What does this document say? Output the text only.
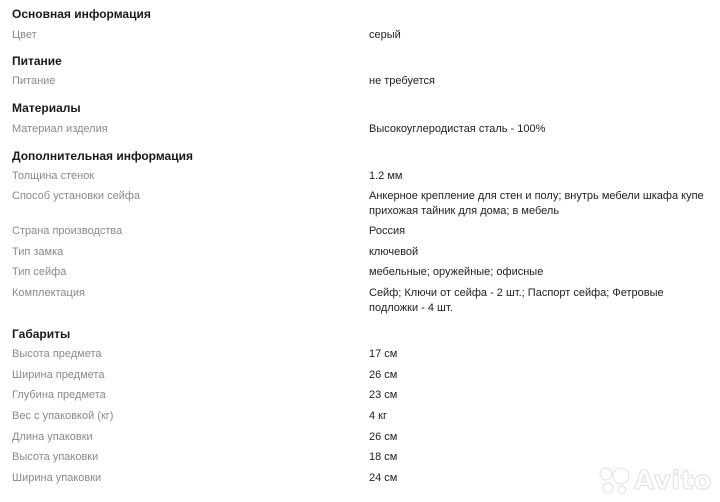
Основная информация
Цвет	серый
Питание
Питание	не требуется
Материалы
Материал изделия	Высокоуглеродистая сталь - 100%
Дополнительная информация
Толщина стенок	1.2 мм
Способ установки сейфа	Анкерное крепление для стен и полу; внутрь мебели шкафа купе прихожая тайник для дома; в мебель
Страна производства	Россия
Тип замка	ключевой
Тип сейфа	мебельные; оружейные; офисные
Комплектация	Сейф; Ключи от сейфа - 2 шт.; Паспорт сейфа; Фетровые подложки - 4 шт.
Габариты
Высота предмета	17 см
Ширина предмета	26 см
Глубина предмета	23 см
Вес с упаковкой (кг)	4 кг
Длина упаковки	26 см
Высота упаковки	18 см
Ширина упаковки	24 см	Avito
